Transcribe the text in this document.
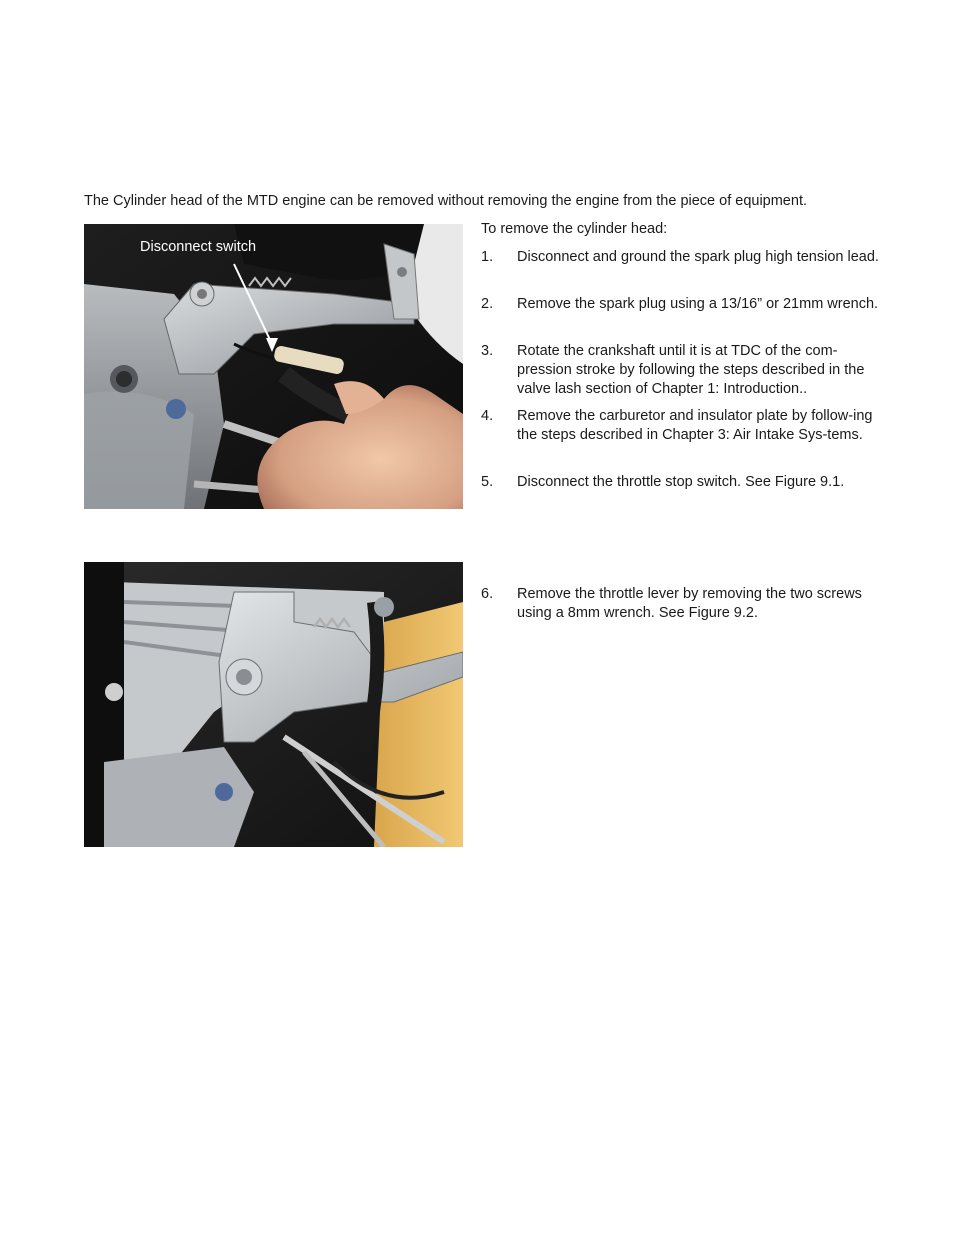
The Cylinder head of the MTD engine can be removed without removing the engine from the piece of equipment.

Disconnect switch

To remove the cylinder head:

1. Disconnect and ground the spark plug high tension lead.
2. Remove the spark plug using a 13/16” or 21mm wrench.
3. Rotate the crankshaft until it is at TDC of the com-pression stroke by following the steps described in the valve lash section of Chapter 1: Introduction..
4. Remove the carburetor and insulator plate by follow-ing the steps described in Chapter 3: Air Intake Sys-tems.
5. Disconnect the throttle stop switch. See Figure 9.1.
6. Remove the throttle lever by removing the two screws using a 8mm wrench. See Figure 9.2.
